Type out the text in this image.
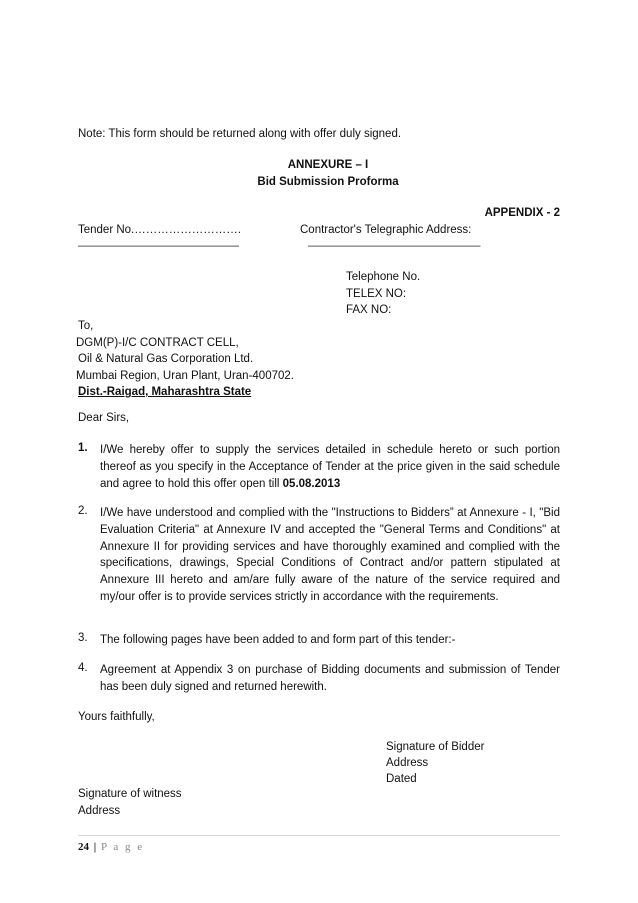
Note: This form should be returned along with offer duly signed.
ANNEXURE – I
Bid Submission Proforma
APPENDIX - 2
Tender No.……………………….	Contractor's Telegraphic Address:
——————————————	———————————————
Telephone No.
TELEX NO:
FAX NO:
To,
DGM(P)-I/C CONTRACT CELL,
Oil & Natural Gas Corporation Ltd.
Mumbai Region, Uran Plant, Uran-400702.
Dist.-Raigad, Maharashtra State
Dear Sirs,
1. I/We hereby offer to supply the services detailed in schedule hereto or such portion thereof as you specify in the Acceptance of Tender at the price given in the said schedule and agree to hold this offer open till 05.08.2013
2. I/We have understood and complied with the "Instructions to Bidders” at Annexure - I, "Bid Evaluation Criteria" at Annexure IV and accepted the "General Terms and Conditions" at Annexure II for providing services and have thoroughly examined and complied with the specifications, drawings, Special Conditions of Contract and/or pattern stipulated at Annexure III hereto and am/are fully aware of the nature of the service required and my/our offer is to provide services strictly in accordance with the requirements.
3. The following pages have been added to and form part of this tender:-
4. Agreement at Appendix 3 on purchase of Bidding documents and submission of Tender has been duly signed and returned herewith.
Yours faithfully,
Signature of Bidder
Address
Dated
Signature of witness
Address
24 | P a g e
